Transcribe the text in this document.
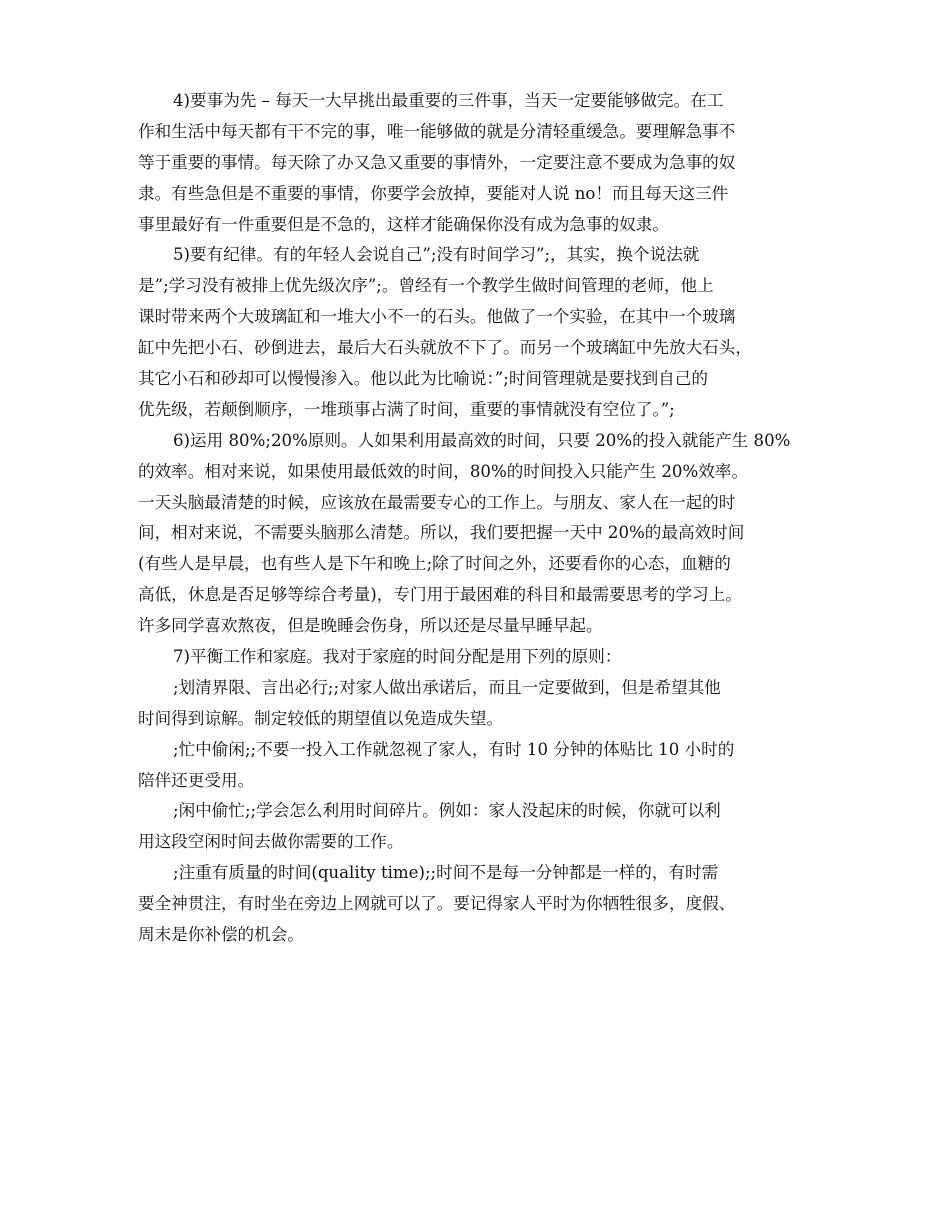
4)要事为先 – 每天一大早挑出最重要的三件事，当天一定要能够做完。在工
作和生活中每天都有干不完的事，唯一能够做的就是分清轻重缓急。要理解急事不
等于重要的事情。每天除了办又急又重要的事情外，一定要注意不要成为急事的奴
隶。有些急但是不重要的事情，你要学会放掉，要能对人说 no！而且每天这三件
事里最好有一件重要但是不急的，这样才能确保你没有成为急事的奴隶。
5)要有纪律。有的年轻人会说自己”;没有时间学习”;，其实，换个说法就
是”;学习没有被排上优先级次序”;。曾经有一个教学生做时间管理的老师，他上
课时带来两个大玻璃缸和一堆大小不一的石头。他做了一个实验，在其中一个玻璃
缸中先把小石、砂倒进去，最后大石头就放不下了。而另一个玻璃缸中先放大石头，
其它小石和砂却可以慢慢渗入。他以此为比喻说：”;时间管理就是要找到自己的
优先级，若颠倒顺序，一堆琐事占满了时间，重要的事情就没有空位了。”;
6)运用 80%;20%原则。人如果利用最高效的时间，只要 20%的投入就能产生 80%
的效率。相对来说，如果使用最低效的时间，80%的时间投入只能产生 20%效率。
一天头脑最清楚的时候，应该放在最需要专心的工作上。与朋友、家人在一起的时
间，相对来说，不需要头脑那么清楚。所以，我们要把握一天中 20%的最高效时间
(有些人是早晨，也有些人是下午和晚上;除了时间之外，还要看你的心态，血糖的
高低，休息是否足够等综合考量)，专门用于最困难的科目和最需要思考的学习上。
许多同学喜欢熬夜，但是晚睡会伤身，所以还是尽量早睡早起。
7)平衡工作和家庭。我对于家庭的时间分配是用下列的原则：
;划清界限、言出必行;;对家人做出承诺后，而且一定要做到，但是希望其他
时间得到谅解。制定较低的期望值以免造成失望。
;忙中偷闲;;不要一投入工作就忽视了家人，有时 10 分钟的体贴比 10 小时的
陪伴还更受用。
;闲中偷忙;;学会怎么利用时间碎片。例如：家人没起床的时候，你就可以利
用这段空闲时间去做你需要的工作。
;注重有质量的时间(quality time);;时间不是每一分钟都是一样的，有时需
要全神贯注，有时坐在旁边上网就可以了。要记得家人平时为你牺牲很多，度假、
周末是你补偿的机会。
